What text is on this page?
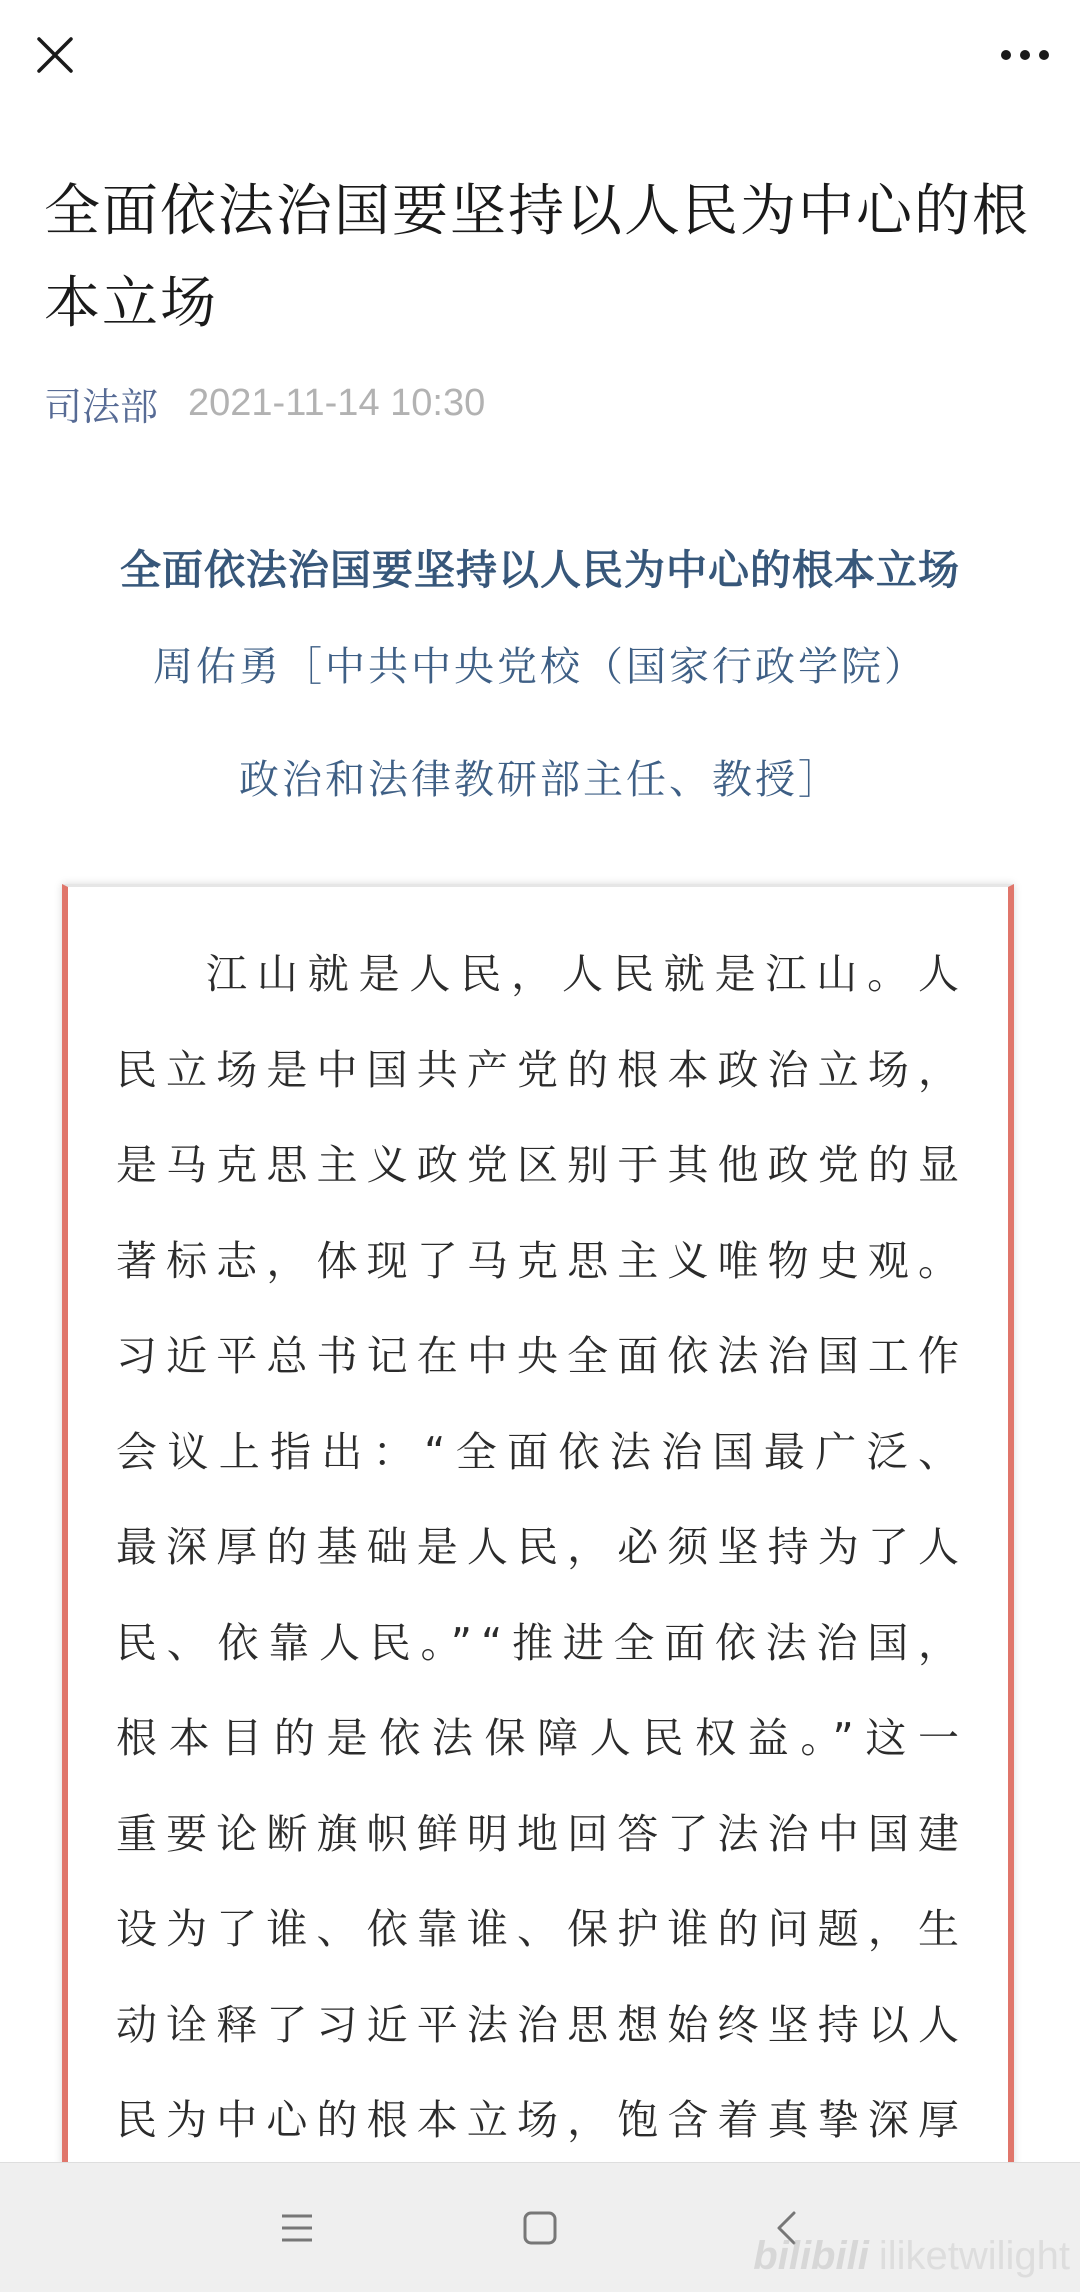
全面依法治国要坚持以人民为中心的根本立场
司法部 2021-11-14 10:30
全面依法治国要坚持以人民为中心的根本立场
周佑勇［中共中央党校（国家行政学院）
政治和法律教研部主任、教授］

江山就是人民，人民就是江山。人民立场是中国共产党的根本政治立场，是马克思主义政党区别于其他政党的显著标志，体现了马克思主义唯物史观。习近平总书记在中央全面依法治国工作会议上指出：“全面依法治国最广泛、最深厚的基础是人民，必须坚持为了人民、依靠人民。”“推进全面依法治国，根本目的是依法保障人民权益。”这一重要论断旗帜鲜明地回答了法治中国建设为了谁、依靠谁、保护谁的问题，生动诠释了习近平法治思想始终坚持以人民为中心的根本立场，饱含着真挚深厚

bilibili iliketwilight
